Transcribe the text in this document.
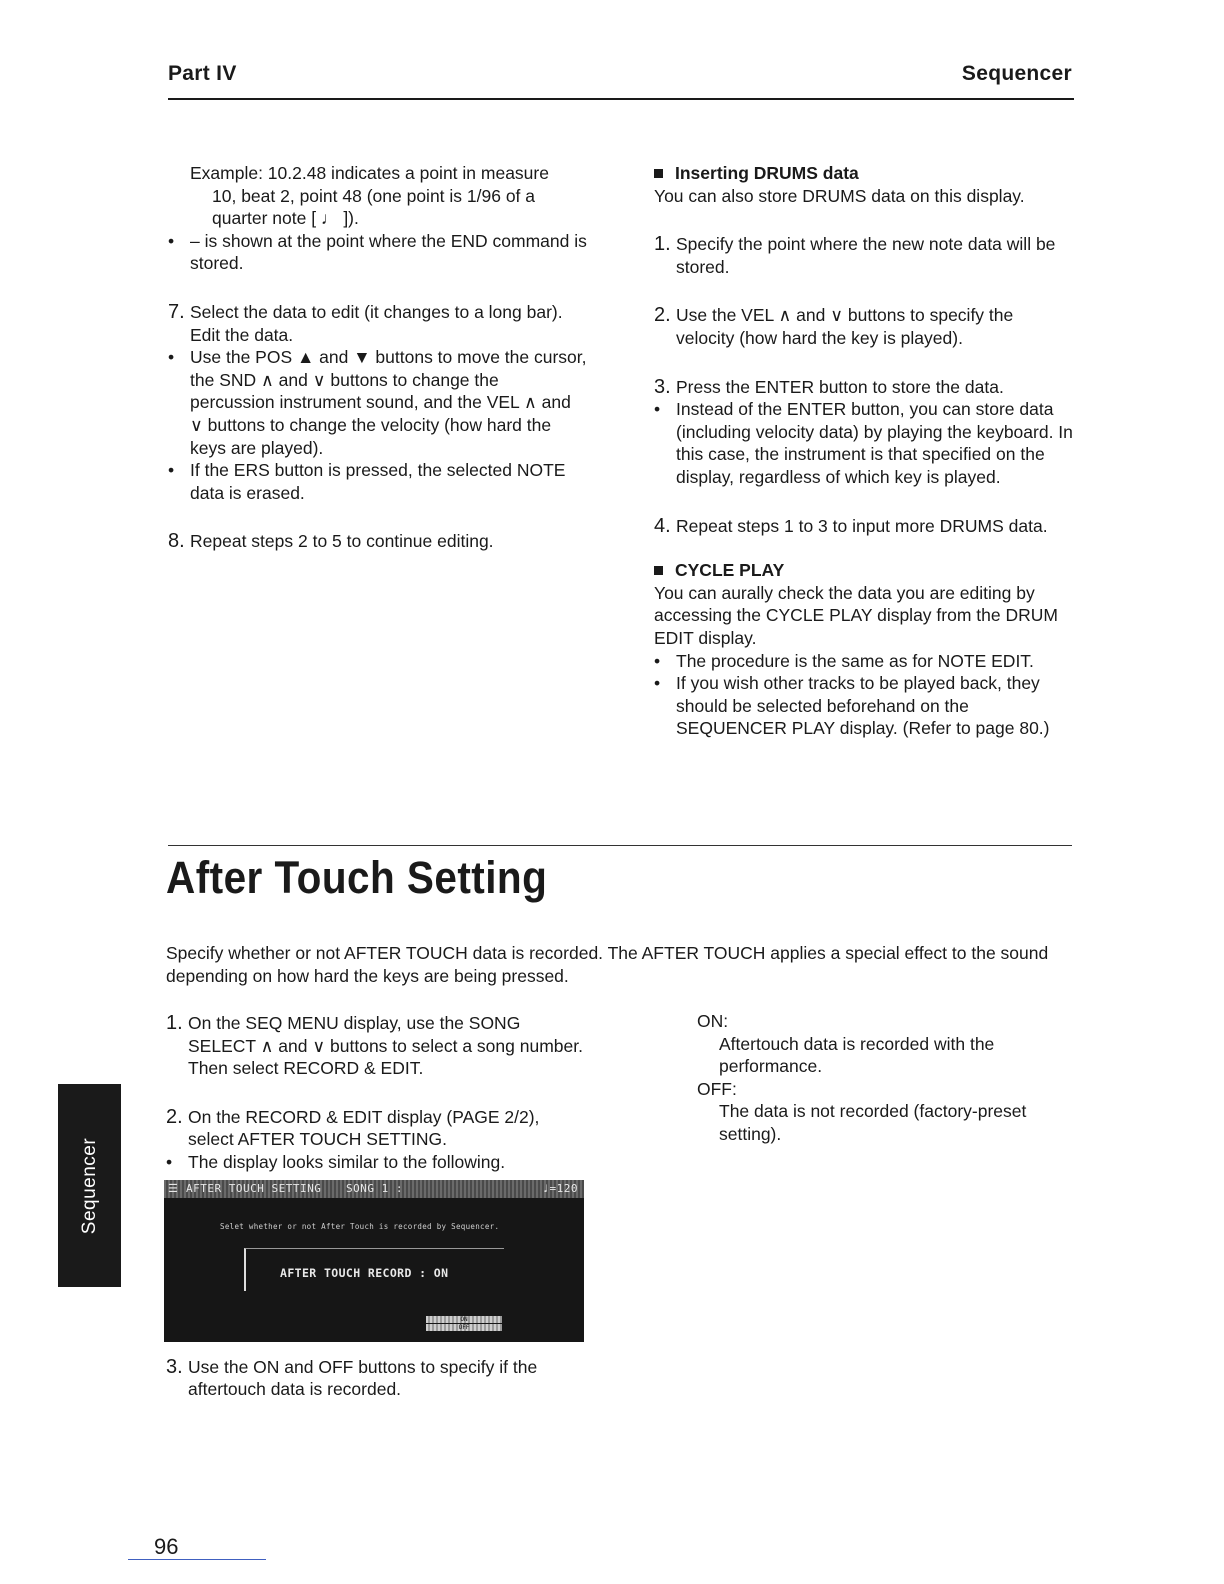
Part IV	Sequencer

Example: 10.2.48 indicates a point in measure

10, beat 2, point 48 (one point is 1/96 of a quarter note [ ♩ ]).

• – is shown at the point where the END command is stored.

7. Select the data to edit (it changes to a long bar). Edit the data.

• Use the POS ▲ and ▼ buttons to move the cursor, the SND ∧ and ∨ buttons to change the percussion instrument sound, and the VEL ∧ and ∨ buttons to change the velocity (how hard the keys are played).

• If the ERS button is pressed, the selected NOTE data is erased.

8. Repeat steps 2 to 5 to continue editing.

Inserting DRUMS data

You can also store DRUMS data on this display.

1. Specify the point where the new note data will be stored.

2. Use the VEL ∧ and ∨ buttons to specify the velocity (how hard the key is played).

3. Press the ENTER button to store the data.

• Instead of the ENTER button, you can store data (including velocity data) by playing the keyboard. In this case, the instrument is that specified on the display, regardless of which key is played.

4. Repeat steps 1 to 3 to input more DRUMS data.

CYCLE PLAY

You can aurally check the data you are editing by accessing the CYCLE PLAY display from the DRUM EDIT display.

• The procedure is the same as for NOTE EDIT.

• If you wish other tracks to be played back, they should be selected beforehand on the SEQUENCER PLAY display. (Refer to page 80.)

After Touch Setting

Specify whether or not AFTER TOUCH data is recorded. The AFTER TOUCH applies a special effect to the sound depending on how hard the keys are being pressed.

1. On the SEQ MENU display, use the SONG SELECT ∧ and ∨ buttons to select a song number. Then select RECORD & EDIT.

2. On the RECORD & EDIT display (PAGE 2/2), select AFTER TOUCH SETTING.

• The display looks similar to the following.

☰ AFTER TOUCH SETTING SONG 1 :	♩=120
Selet whether or not After Touch is recorded by Sequencer.
AFTER TOUCH RECORD : ON
ON
OFF

3. Use the ON and OFF buttons to specify if the aftertouch data is recorded.

ON:

Aftertouch data is recorded with the performance.

OFF:

The data is not recorded (factory-preset setting).

Sequencer
96
